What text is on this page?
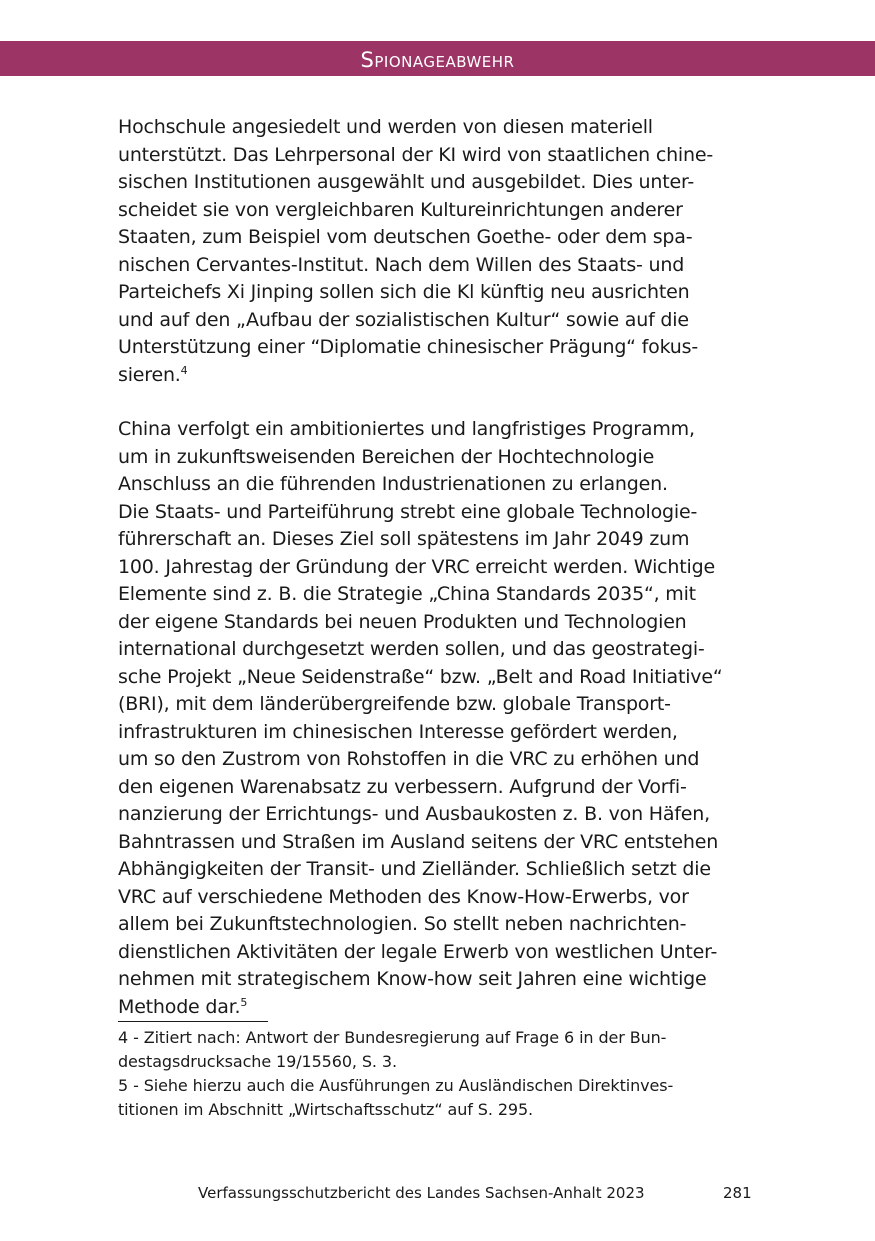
Spionageabwehr
Hochschule angesiedelt und werden von diesen materiell
unterstützt. Das Lehrpersonal der KI wird von staatlichen chine-
sischen Institutionen ausgewählt und ausgebildet. Dies unter-
scheidet sie von vergleichbaren Kultureinrichtungen anderer
Staaten, zum Beispiel vom deutschen Goethe- oder dem spa-
nischen Cervantes-Institut. Nach dem Willen des Staats- und
Parteichefs Xi Jinping sollen sich die Kl künftig neu ausrichten
und auf den „Aufbau der sozialistischen Kultur“ sowie auf die
Unterstützung einer “Diplomatie chinesischer Prägung“ fokus-
sieren.$^4$
China verfolgt ein ambitioniertes und langfristiges Programm,
um in zukunftsweisenden Bereichen der Hochtechnologie
Anschluss an die führenden Industrienationen zu erlangen.
Die Staats- und Parteiführung strebt eine globale Technologie-
führerschaft an. Dieses Ziel soll spätestens im Jahr 2049 zum
100. Jahrestag der Gründung der VRC erreicht werden. Wichtige
Elemente sind z. B. die Strategie „China Standards 2035“, mit
der eigene Standards bei neuen Produkten und Technologien
international durchgesetzt werden sollen, und das geostrategi-
sche Projekt „Neue Seidenstraße“ bzw. „Belt and Road Initiative“
(BRI), mit dem länderübergreifende bzw. globale Transport-
infrastrukturen im chinesischen Interesse gefördert werden,
um so den Zustrom von Rohstoffen in die VRC zu erhöhen und
den eigenen Warenabsatz zu verbessern. Aufgrund der Vorfi-
nanzierung der Errichtungs- und Ausbaukosten z. B. von Häfen,
Bahntrassen und Straßen im Ausland seitens der VRC entstehen
Abhängigkeiten der Transit- und Zielländer. Schließlich setzt die
VRC auf verschiedene Methoden des Know-How-Erwerbs, vor
allem bei Zukunftstechnologien. So stellt neben nachrichten-
dienstlichen Aktivitäten der legale Erwerb von westlichen Unter-
nehmen mit strategischem Know-how seit Jahren eine wichtige
Methode dar.$^5$
4 - Zitiert nach: Antwort der Bundesregierung auf Frage 6 in der Bun-
destagsdrucksache 19/15560, S. 3.
5 - Siehe hierzu auch die Ausführungen zu Ausländischen Direktinves-
titionen im Abschnitt „Wirtschaftsschutz“ auf S. 295.
Verfassungsschutzbericht des Landes Sachsen-Anhalt 2023	281
